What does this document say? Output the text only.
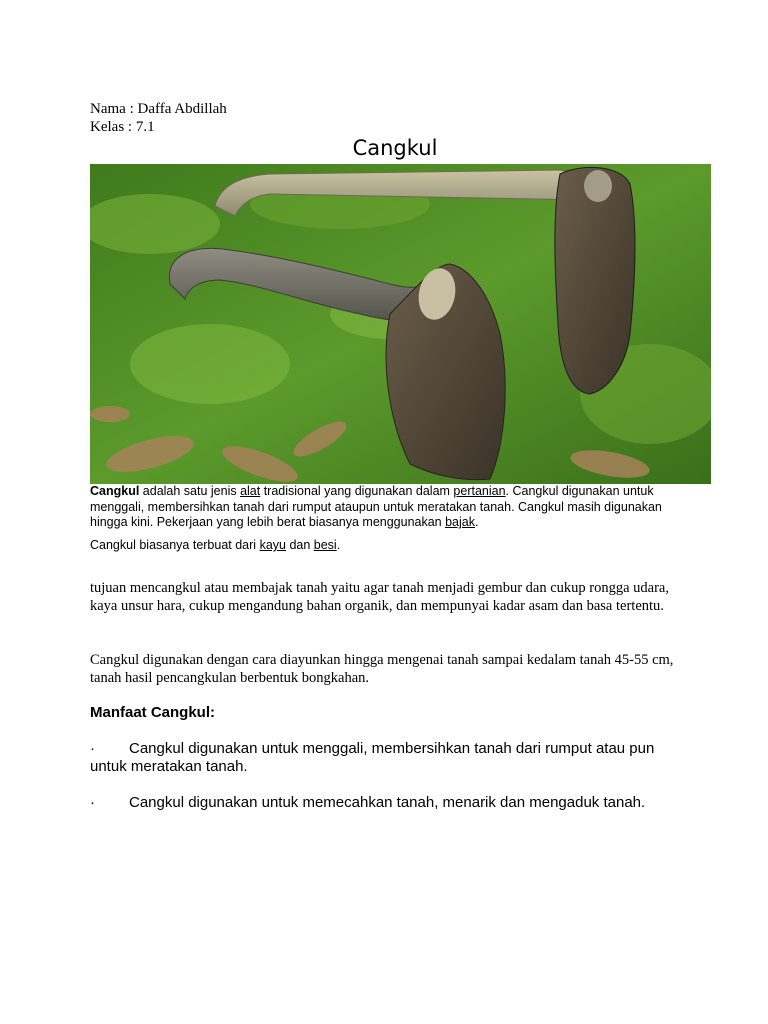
Nama : Daffa Abdillah
Kelas : 7.1
Cangkul
Cangkul adalah satu jenis alat tradisional yang digunakan dalam pertanian. Cangkul digunakan untuk menggali, membersihkan tanah dari rumput ataupun untuk meratakan tanah. Cangkul masih digunakan hingga kini. Pekerjaan yang lebih berat biasanya menggunakan bajak.
Cangkul biasanya terbuat dari kayu dan besi.
tujuan mencangkul atau membajak tanah yaitu agar tanah menjadi gembur dan cukup rongga udara, kaya unsur hara, cukup mengandung bahan organik, dan mempunyai kadar asam dan basa tertentu.
Cangkul digunakan dengan cara diayunkan hingga mengenai tanah sampai kedalam tanah 45-55 cm, tanah hasil pencangkulan berbentuk bongkahan.
Manfaat Cangkul:
· Cangkul digunakan untuk menggali, membersihkan tanah dari rumput atau pun untuk meratakan tanah.
· Cangkul digunakan untuk memecahkan tanah, menarik dan mengaduk tanah.
